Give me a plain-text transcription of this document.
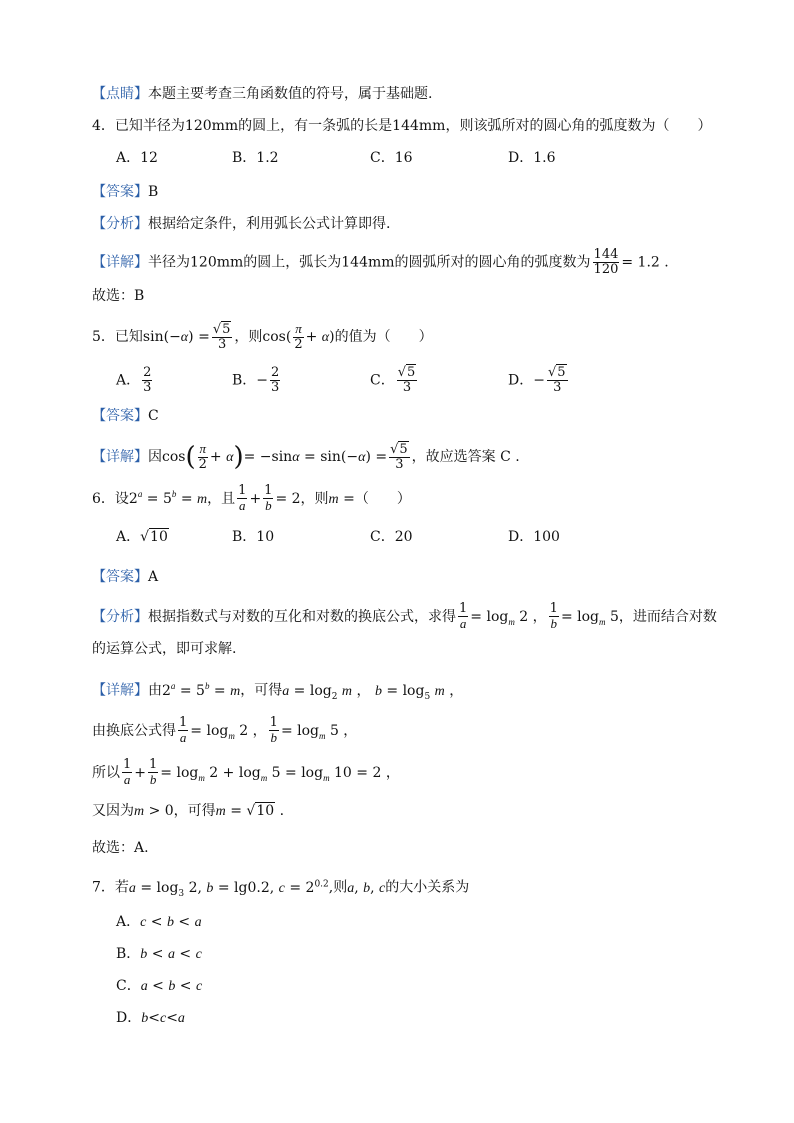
【点睛】本题主要考查三角函数值的符号，属于基础题.
4．已知半径为120mm的圆上，有一条弧的长是144mm，则该弧所对的圆心角的弧度数为（　　）
A．12	B．1.2	C．16	D．1.6
【答案】B
【分析】根据给定条件，利用弧长公式计算即得.
【详解】半径为120mm的圆上，弧长为144mm的圆弧所对的圆心角的弧度数为 $\frac{144}{120} = 1.2$ .
故选：B
5．已知$\sin(-\alpha) = \frac{√5}{3}$ ，则$\cos( \frac{\pi}{2} + \alpha)$的值为（　　）
A． $\frac{2}{3}$	B．− $\frac{2}{3}$	C． $\frac{√5}{3}$	D．− $\frac{√5}{3}$
【答案】C
【详解】因$\cos( \frac{\pi}{2} + \alpha)= -\sin\alpha = \sin(-\alpha) = \frac{√5}{3}$ ，故应选答案 C .
6．设$2^a = 5^b = m$，且 $\frac{1}{a} + \frac{1}{b} = 2$，则m =（　　）
A．√10	B．10	C．20	D．100
【答案】A
【分析】根据指数式与对数的互化和对数的换底公式，求得 $\frac{1}{a} = \log_m 2$ ， $\frac{1}{b} = \log_m 5$，进而结合对数
的运算公式，即可求解.
【详解】由$2^a = 5^b = m$，可得$a = \log_2 m$ ， $b = \log_5 m$ ，
由换底公式得 $\frac{1}{a} = \log_m 2$ ， $\frac{1}{b} = \log_m 5$ ，
所以 $\frac{1}{a} + \frac{1}{b} = \log_m 2 + \log_m 5 = \log_m 10 = 2$ ，
又因为m > 0，可得m = √10 .
故选：A.
7．若$a = \log_3 2$, b = lg0.2, $c = 2^{0.2}$,则a, b, c的大小关系为
A．c < b < a
B．b < a < c
C．a < b < c
D．b<c<a
